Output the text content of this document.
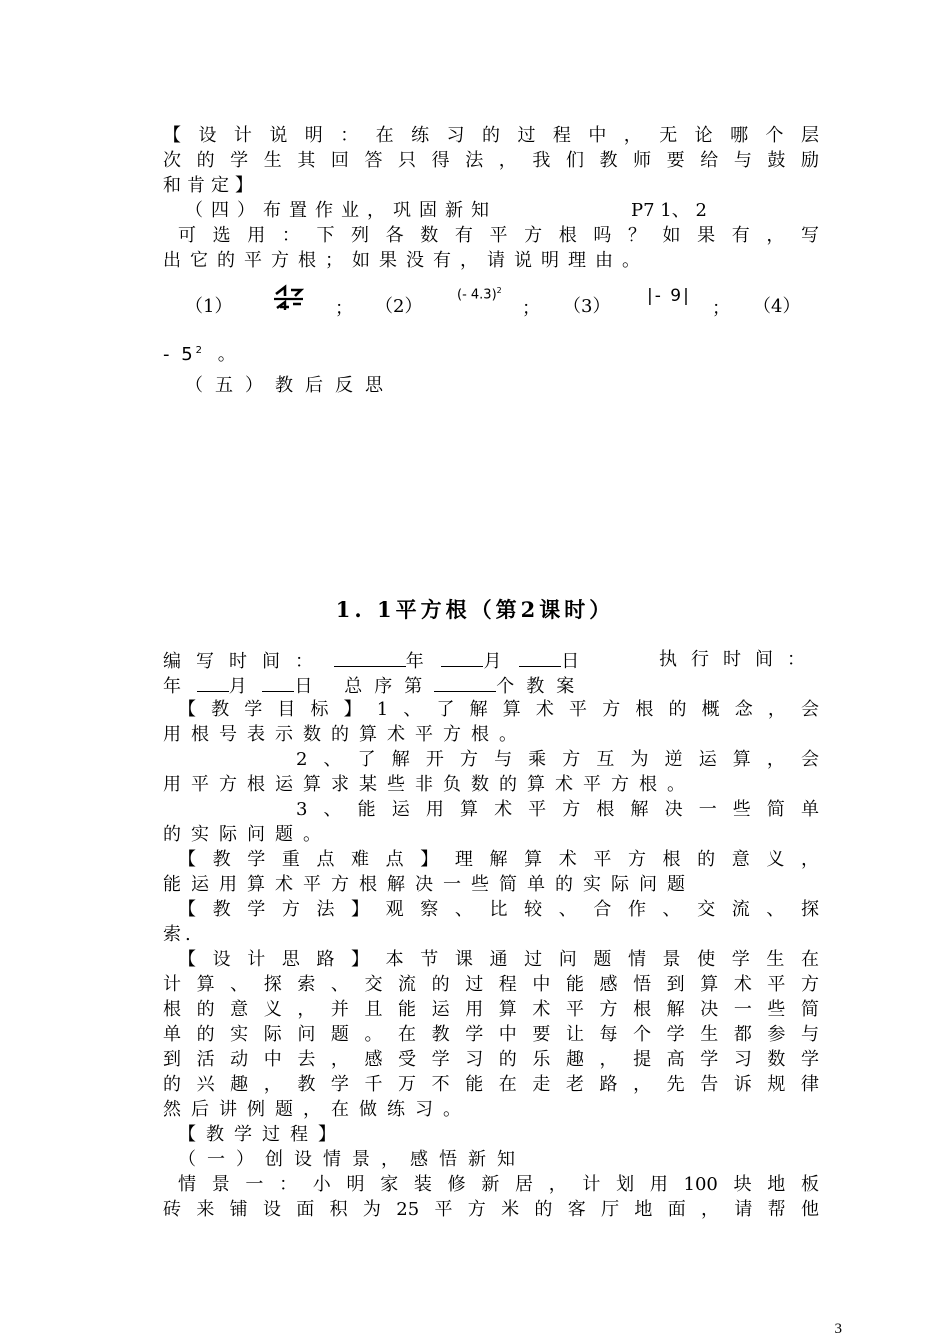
【设计说明：在练习的过程中，无论哪个层
次的学生其回答只得法，我们教师要给与鼓励
和肯定】
（四）布置作业，巩固新知	P7 1、 2
可选用：下列各数有平方根吗？如果有，写
出它的平方根；如果没有，请说明理由。
（1）	； （2）
(- 4.3)$^2$
； （3） |- 9|
； （4）
- $5^2$ 。
（五）教后反思
1. 1平方根（第2课时）
编写时间：	年	月	日	执行时间：
年	月	日 总序第	个教案
【教学目标】1、了解算术平方根的概念，会
用根号表示数的算术平方根。
2、了解开方与乘方互为逆运算，会
用平方根运算求某些非负数的算术平方根。
3、能运用算术平方根解决一些简单
的实际问题。
【教学重点难点】理解算术平方根的意义，
能运用算术平方根解决一些简单的实际问题
【教学方法】观察、比较、合作、交流、探
索.
【设计思路】本节课通过问题情景使学生在
计算、探索、交流的过程中能感悟到算术平方
根的意义，并且能运用算术平方根解决一些简
单的实际问题。在教学中要让每个学生都参与
到活动中去，感受学习的乐趣，提高学习数学
的兴趣，教学千万不能在走老路，先告诉规律
然后讲例题，在做练习。
【教学过程】
（一）创设情景，感悟新知
情景一：小明家装修新居，计划用100块地板
砖来铺设面积为25平方米的客厅地面，请帮他
3
